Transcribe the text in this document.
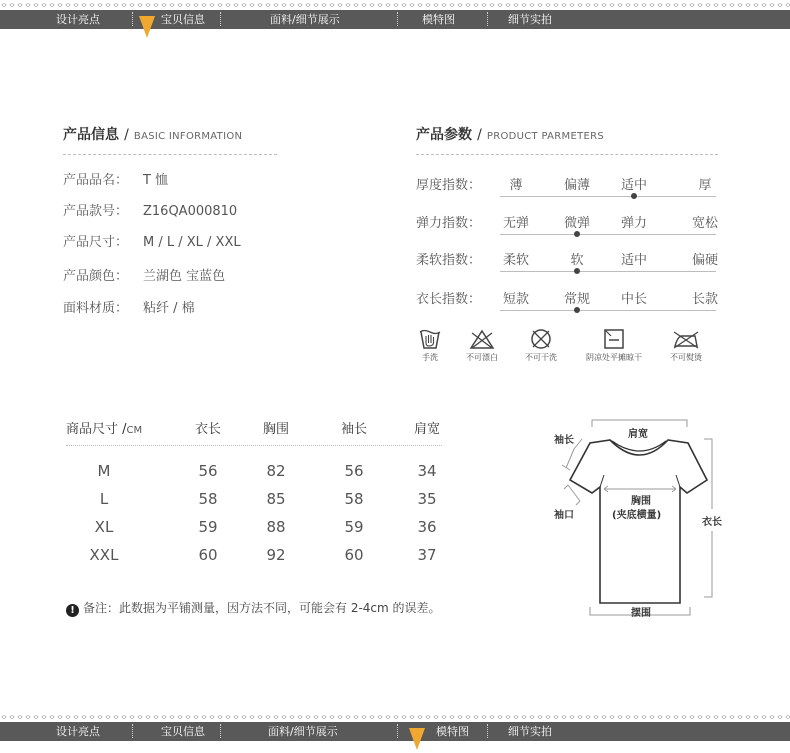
设计亮点	宝贝信息	面料/细节展示	模特图	细节实拍
产品信息 / BASIC INFORMATION
产品品名： T 恤
产品款号： Z16QA000810
产品尺寸： M / L / XL / XXL
产品颜色： 兰湖色 宝蓝色
面料材质： 粘纤 / 棉
产品参数 / PRODUCT PARMETERS
厚度指数：	薄	偏薄	适中	厚
弹力指数：	无弹	微弹	弹力	宽松
柔软指数：	柔软	软	适中	偏硬
衣长指数：	短款	常规	中长	长款
手洗	不可漂白	不可干洗	阴凉处平摊晾干	不可熨烫
商品尺寸 /CM	衣长	胸围	袖长	肩宽
M	56	82	56	34
L	58	85	58	35
XL	59	88	59	36
XXL	60	92	60	37
! 备注：此数据为平铺测量，因方法不同，可能会有 2-4cm 的误差。
袖长
肩宽
袖口
胸围
(夹底横量)
衣长
摆围
设计亮点	宝贝信息	面料/细节展示	模特图	细节实拍
